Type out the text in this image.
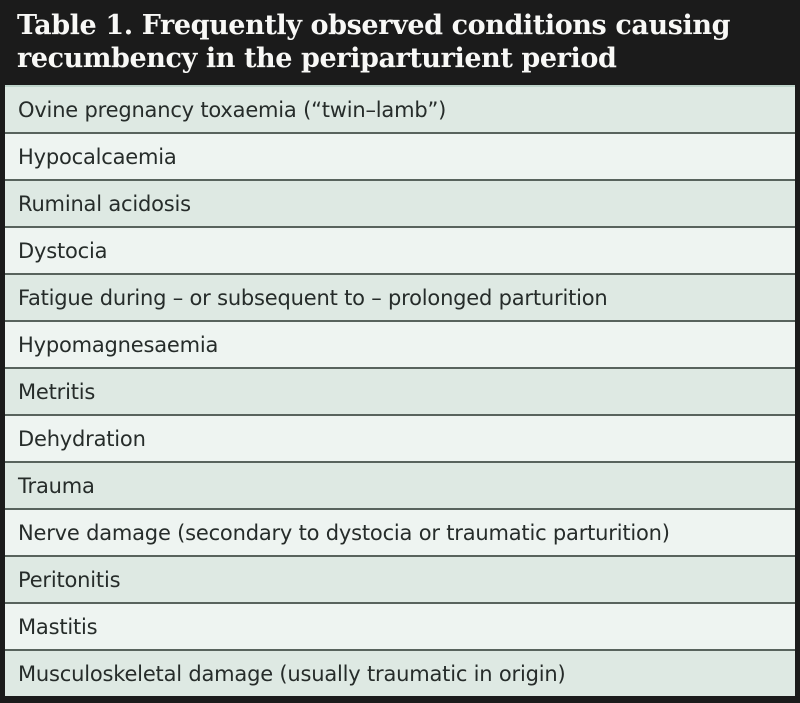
Table 1. Frequently observed conditions causing recumbency in the periparturient period
Ovine pregnancy toxaemia (“twin–lamb”)
Hypocalcaemia
Ruminal acidosis
Dystocia
Fatigue during – or subsequent to – prolonged parturition
Hypomagnesaemia
Metritis
Dehydration
Trauma
Nerve damage (secondary to dystocia or traumatic parturition)
Peritonitis
Mastitis
Musculoskeletal damage (usually traumatic in origin)
